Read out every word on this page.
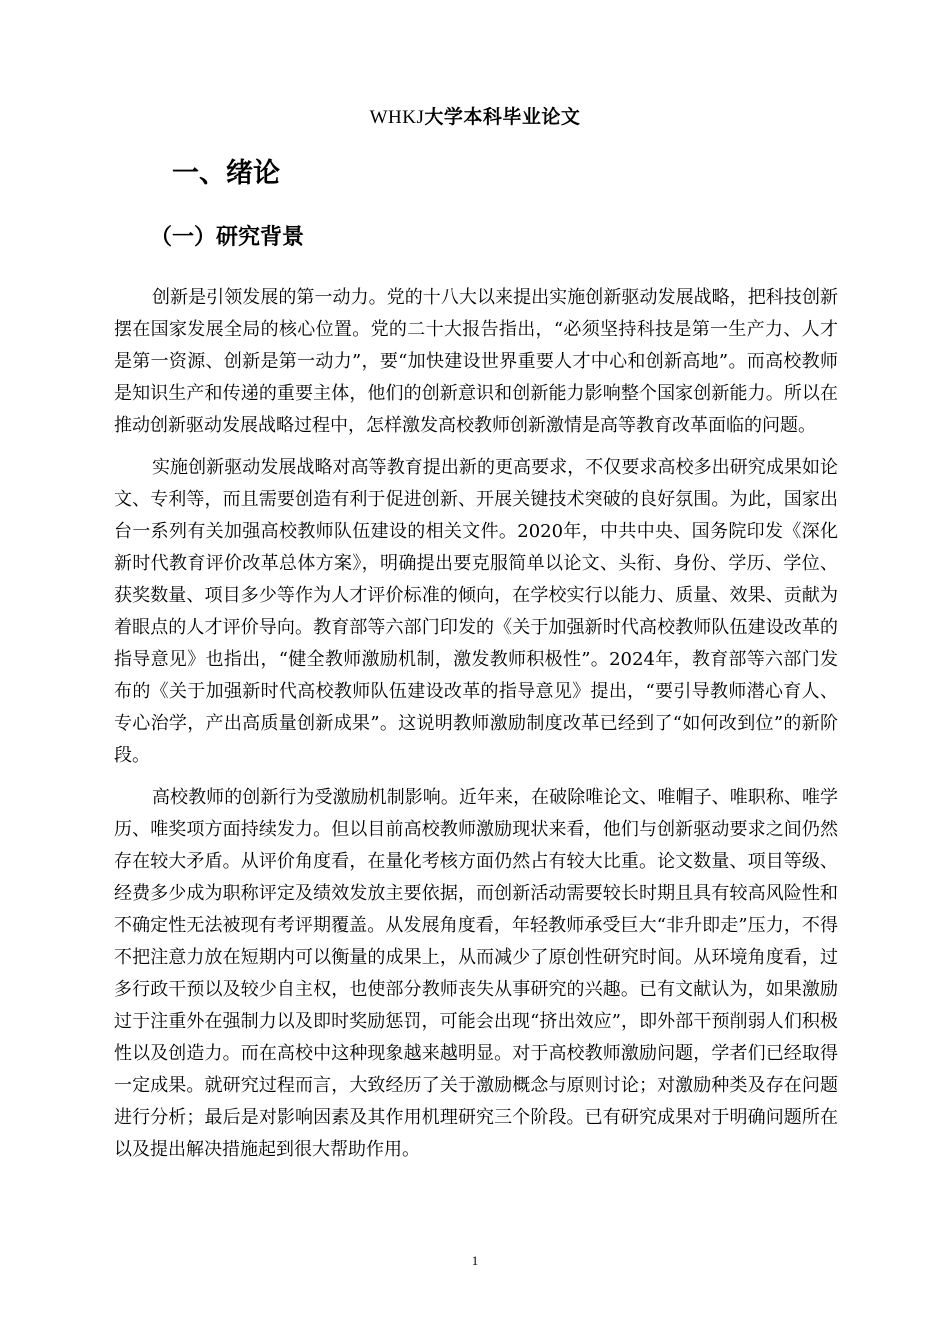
WHKJ大学本科毕业论文
一、绪论
（一）研究背景

创新是引领发展的第一动力。党的十八大以来提出实施创新驱动发展战略，把科技创新摆在国家发展全局的核心位置。党的二十大报告指出，“必须坚持科技是第一生产力、人才是第一资源、创新是第一动力”，要“加快建设世界重要人才中心和创新高地”。而高校教师是知识生产和传递的重要主体，他们的创新意识和创新能力影响整个国家创新能力。所以在推动创新驱动发展战略过程中，怎样激发高校教师创新激情是高等教育改革面临的问题。

实施创新驱动发展战略对高等教育提出新的更高要求，不仅要求高校多出研究成果如论文、专利等，而且需要创造有利于促进创新、开展关键技术突破的良好氛围。为此，国家出台一系列有关加强高校教师队伍建设的相关文件。2020年，中共中央、国务院印发《深化新时代教育评价改革总体方案》，明确提出要克服简单以论文、头衔、身份、学历、学位、获奖数量、项目多少等作为人才评价标准的倾向，在学校实行以能力、质量、效果、贡献为着眼点的人才评价导向。教育部等六部门印发的《关于加强新时代高校教师队伍建设改革的指导意见》也指出，“健全教师激励机制，激发教师积极性”。2024年，教育部等六部门发布的《关于加强新时代高校教师队伍建设改革的指导意见》提出，“要引导教师潜心育人、专心治学，产出高质量创新成果”。这说明教师激励制度改革已经到了“如何改到位”的新阶段。

高校教师的创新行为受激励机制影响。近年来，在破除唯论文、唯帽子、唯职称、唯学历、唯奖项方面持续发力。但以目前高校教师激励现状来看，他们与创新驱动要求之间仍然存在较大矛盾。从评价角度看，在量化考核方面仍然占有较大比重。论文数量、项目等级、经费多少成为职称评定及绩效发放主要依据，而创新活动需要较长时期且具有较高风险性和不确定性无法被现有考评期覆盖。从发展角度看，年轻教师承受巨大“非升即走”压力，不得不把注意力放在短期内可以衡量的成果上，从而减少了原创性研究时间。从环境角度看，过多行政干预以及较少自主权，也使部分教师丧失从事研究的兴趣。已有文献认为，如果激励过于注重外在强制力以及即时奖励惩罚，可能会出现“挤出效应”，即外部干预削弱人们积极性以及创造力。而在高校中这种现象越来越明显。对于高校教师激励问题，学者们已经取得一定成果。就研究过程而言，大致经历了关于激励概念与原则讨论；对激励种类及存在问题进行分析；最后是对影响因素及其作用机理研究三个阶段。已有研究成果对于明确问题所在以及提出解决措施起到很大帮助作用。

1
